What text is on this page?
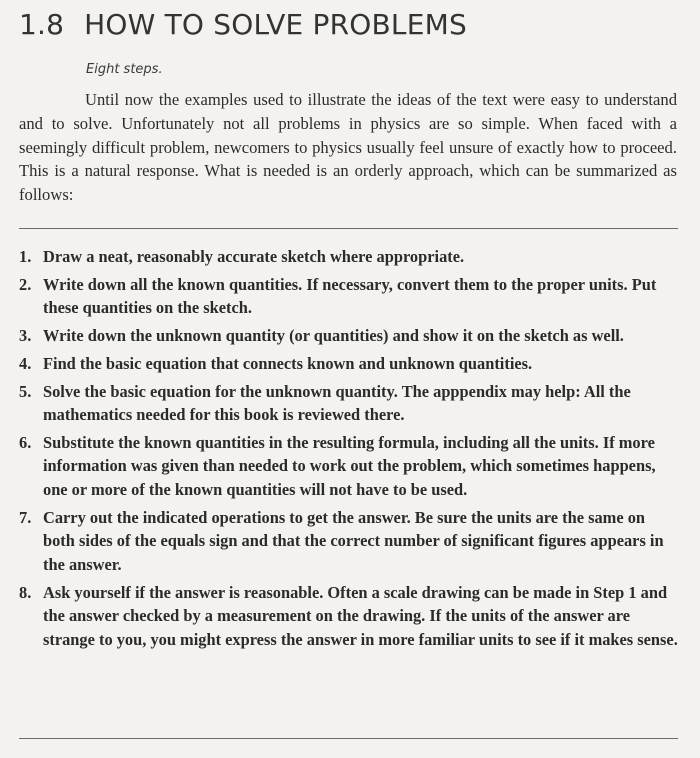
1.8 HOW TO SOLVE PROBLEMS

Eight steps.

Until now the examples used to illustrate the ideas of the text were easy to understand and to solve. Unfortunately not all problems in physics are so simple. When faced with a seemingly difficult problem, newcomers to physics usually feel unsure of exactly how to proceed. This is a natural response. What is needed is an orderly approach, which can be summarized as follows:

1. Draw a neat, reasonably accurate sketch where appropriate.
2. Write down all the known quantities. If necessary, convert them to the proper units. Put these quantities on the sketch.
3. Write down the unknown quantity (or quantities) and show it on the sketch as well.
4. Find the basic equation that connects known and unknown quantities.
5. Solve the basic equation for the unknown quantity. The apppendix may help: All the mathematics needed for this book is reviewed there.
6. Substitute the known quantities in the resulting formula, including all the units. If more information was given than needed to work out the problem, which sometimes happens, one or more of the known quantities will not have to be used.
7. Carry out the indicated operations to get the answer. Be sure the units are the same on both sides of the equals sign and that the correct number of significant figures appears in the answer.
8. Ask yourself if the answer is reasonable. Often a scale drawing can be made in Step 1 and the answer checked by a measurement on the drawing. If the units of the answer are strange to you, you might express the answer in more familiar units to see if it makes sense.
